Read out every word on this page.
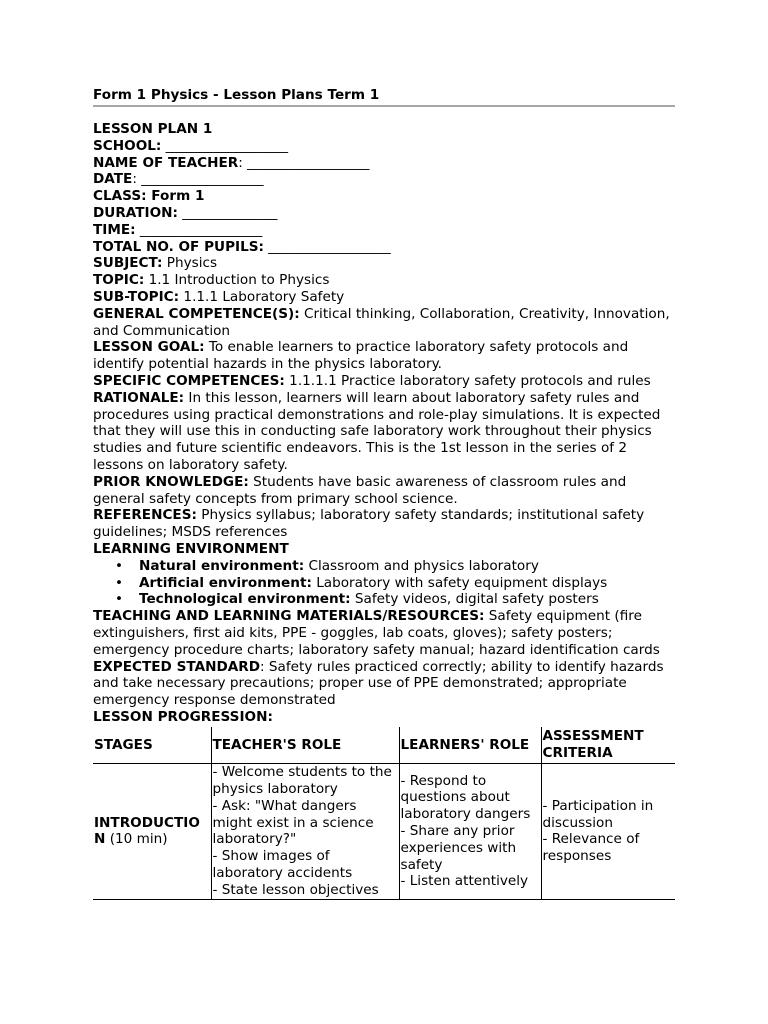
Form 1 Physics - Lesson Plans Term 1

LESSON PLAN 1

SCHOOL: __________________

NAME OF TEACHER: __________________

DATE: __________________

CLASS: Form 1

DURATION: ______________

TIME: __________________

TOTAL NO. OF PUPILS: __________________

SUBJECT: Physics

TOPIC: 1.1 Introduction to Physics

SUB-TOPIC: 1.1.1 Laboratory Safety

GENERAL COMPETENCE(S): Critical thinking, Collaboration, Creativity, Innovation, and Communication

LESSON GOAL: To enable learners to practice laboratory safety protocols and identify potential hazards in the physics laboratory.

SPECIFIC COMPETENCES: 1.1.1.1 Practice laboratory safety protocols and rules

RATIONALE: In this lesson, learners will learn about laboratory safety rules and procedures using practical demonstrations and role-play simulations. It is expected that they will use this in conducting safe laboratory work throughout their physics studies and future scientific endeavors. This is the 1st lesson in the series of 2 lessons on laboratory safety.

PRIOR KNOWLEDGE: Students have basic awareness of classroom rules and general safety concepts from primary school science.

REFERENCES: Physics syllabus; laboratory safety standards; institutional safety guidelines; MSDS references

LEARNING ENVIRONMENT

• Natural environment: Classroom and physics laboratory
• Artificial environment: Laboratory with safety equipment displays
• Technological environment: Safety videos, digital safety posters

TEACHING AND LEARNING MATERIALS/RESOURCES: Safety equipment (fire extinguishers, first aid kits, PPE - goggles, lab coats, gloves); safety posters; emergency procedure charts; laboratory safety manual; hazard identification cards

EXPECTED STANDARD: Safety rules practiced correctly; ability to identify hazards and take necessary precautions; proper use of PPE demonstrated; appropriate emergency response demonstrated

LESSON PROGRESSION:

STAGES	TEACHER'S ROLE	LEARNERS' ROLE	ASSESSMENT CRITERIA
INTRODUCTION (10 min)	- Welcome students to the physics laboratory
- Ask: "What dangers might exist in a science laboratory?"
- Show images of laboratory accidents
- State lesson objectives	- Respond to questions about laboratory dangers
- Share any prior experiences with safety
- Listen attentively	- Participation in discussion
- Relevance of responses
